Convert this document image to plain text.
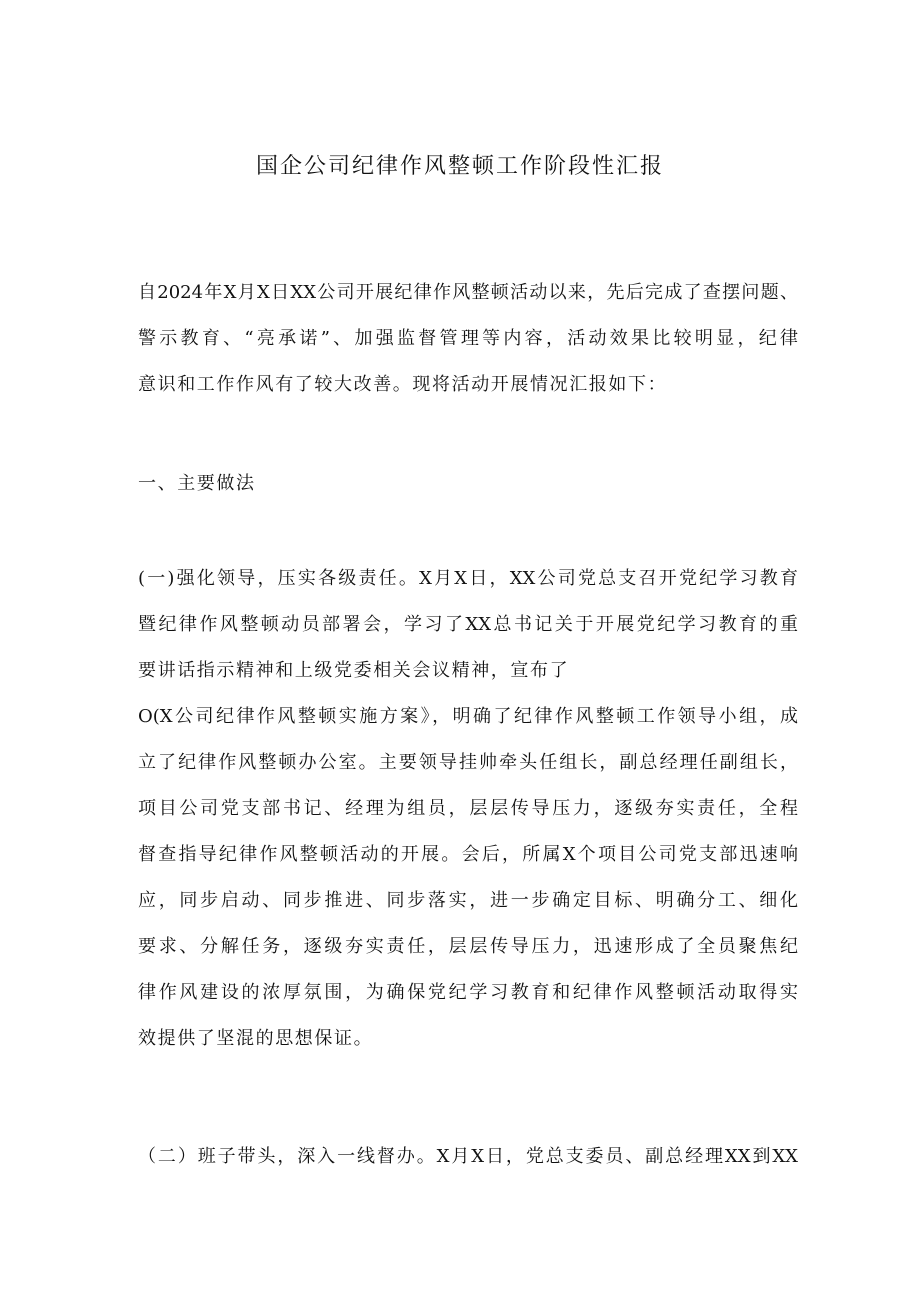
国企公司纪律作风整顿工作阶段性汇报
自2024年X月X日XX公司开展纪律作风整顿活动以来，先后完成了查摆问题、
警示教育、“亮承诺”、加强监督管理等内容，活动效果比较明显，纪律
意识和工作作风有了较大改善。现将活动开展情况汇报如下：
一、主要做法
(一)强化领导，压实各级责任。X月X日，XX公司党总支召开党纪学习教育
暨纪律作风整顿动员部署会，学习了XX总书记关于开展党纪学习教育的重
要讲话指示精神和上级党委相关会议精神，宣布了
O(X公司纪律作风整顿实施方案》，明确了纪律作风整顿工作领导小组，成
立了纪律作风整顿办公室。主要领导挂帅牵头任组长，副总经理任副组长，
项目公司党支部书记、经理为组员，层层传导压力，逐级夯实责任，全程
督查指导纪律作风整顿活动的开展。会后，所属X个项目公司党支部迅速响
应，同步启动、同步推进、同步落实，进一步确定目标、明确分工、细化
要求、分解任务，逐级夯实责任，层层传导压力，迅速形成了全员聚焦纪
律作风建设的浓厚氛围，为确保党纪学习教育和纪律作风整顿活动取得实
效提供了坚混的思想保证。
（二）班子带头，深入一线督办。X月X日，党总支委员、副总经理XX到XX
